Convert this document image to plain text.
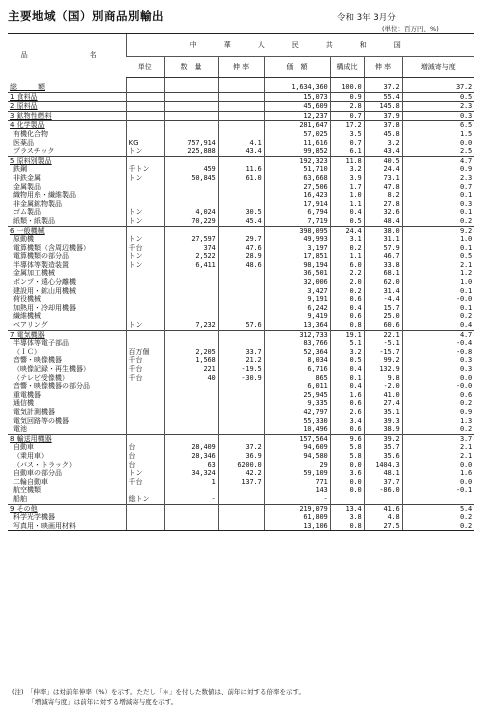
主要地域（国）別商品別輸出	令和 3年 3月分
(単位：百万円、%)
品　　名	中　華　人　民　共　和　国						
	単位	数　量	伸 率	価　額	構成比	伸 率	増減寄与度

総　　　額				1,634,360	100.0	37.2	37.2
1 食料品				15,073	0.9	55.4	0.5
2 原料品				45,609	2.8	145.8	2.3
3 鉱物性燃料				12,237	0.7	37.9	0.3
4 化学製品				281,647	17.2	37.8	6.5
有機化合物				57,025	3.5	45.8	1.5
医薬品	KG	757,914	4.1	11,616	0.7	3.2	0.0
プラスチック	トン	225,888	43.4	99,852	6.1	43.4	2.5
5 原料別製品				192,323	11.8	40.5	4.7
鉄鋼	千トン	459	11.6	51,710	3.2	24.4	0.9
非鉄金属	トン	50,845	61.0	63,668	3.9	73.1	2.3
金属製品				27,506	1.7	47.8	0.7
織物用糸・繊維製品				16,423	1.0	8.2	0.1
非金属鉱物製品				17,914	1.1	27.8	0.3
ゴム製品	トン	4,024	30.5	6,794	0.4	32.6	0.1
紙類・紙製品	トン	70,229	45.4	7,719	0.5	48.4	0.2
6 一般機械				398,095	24.4	38.0	9.2
原動機	トン	27,597	29.7	49,993	3.1	31.1	1.0
電算機類（含周辺機器）	千台	374	47.6	3,197	0.2	57.9	0.1
電算機類の部分品	トン	2,522	28.9	17,851	1.1	46.7	0.5
半導体等製造装置	トン	6,411	48.6	98,194	6.0	33.8	2.1
金属加工機械				36,501	2.2	68.1	1.2
ポンプ・遠心分離機				32,006	2.0	62.0	1.0
建設用・鉱山用機械				3,427	0.2	31.4	0.1
荷役機械				9,191	0.6	-4.4	-0.0
加熱用・冷却用機器				6,242	0.4	15.7	0.1
繊維機械				9,419	0.6	25.0	0.2
ベアリング	トン	7,232	57.6	13,364	0.8	60.6	0.4
7 電気機器				312,733	19.1	22.1	4.7
半導体等電子部品				83,766	5.1	-5.1	-0.4
（ＩＣ）	百万個	2,205	33.7	52,364	3.2	-15.7	-0.8
音響・映像機器	千台	1,568	21.2	8,034	0.5	99.2	0.3
（映像記録・再生機器）	千台	221	-19.5	6,716	0.4	132.9	0.3
（テレビ受像機）	千台	40	-30.9	865	0.1	9.8	0.0
音響・映像機器の部分品				6,011	0.4	-2.0	-0.0
重電機器				25,945	1.6	41.0	0.6
通信機				9,335	0.6	27.4	0.2
電気計測機器				42,797	2.6	35.1	0.9
電気回路等の機器				55,330	3.4	39.3	1.3
電池				10,496	0.6	38.9	0.2
8 輸送用機器				157,564	9.6	39.2	3.7
自動車	台	28,409	37.2	94,609	5.8	35.7	2.1
（乗用車）	台	28,346	36.9	94,580	5.8	35.6	2.1
（バス・トラック）	台	63	6200.0	29	0.0	1404.3	0.0
自動車の部分品	トン	34,324	42.2	59,109	3.6	48.1	1.6
二輪自動車	千台	1	137.7	771	0.0	37.7	0.0
航空機類				143	0.0	-86.0	-0.1
船舶	総トン	-		-			
9 その他				219,079	13.4	41.6	5.4
科学光学機器				61,809	3.8	4.8	0.2
写真用・映画用材料				13,106	0.8	27.5	0.2
(注)　「伸率」は対前年伸率（%）を示す。ただし「＊」を付した数値は、前年に対する倍率を示す。
　　　「増減寄与度」は前年に対する増減寄与度を示す。
